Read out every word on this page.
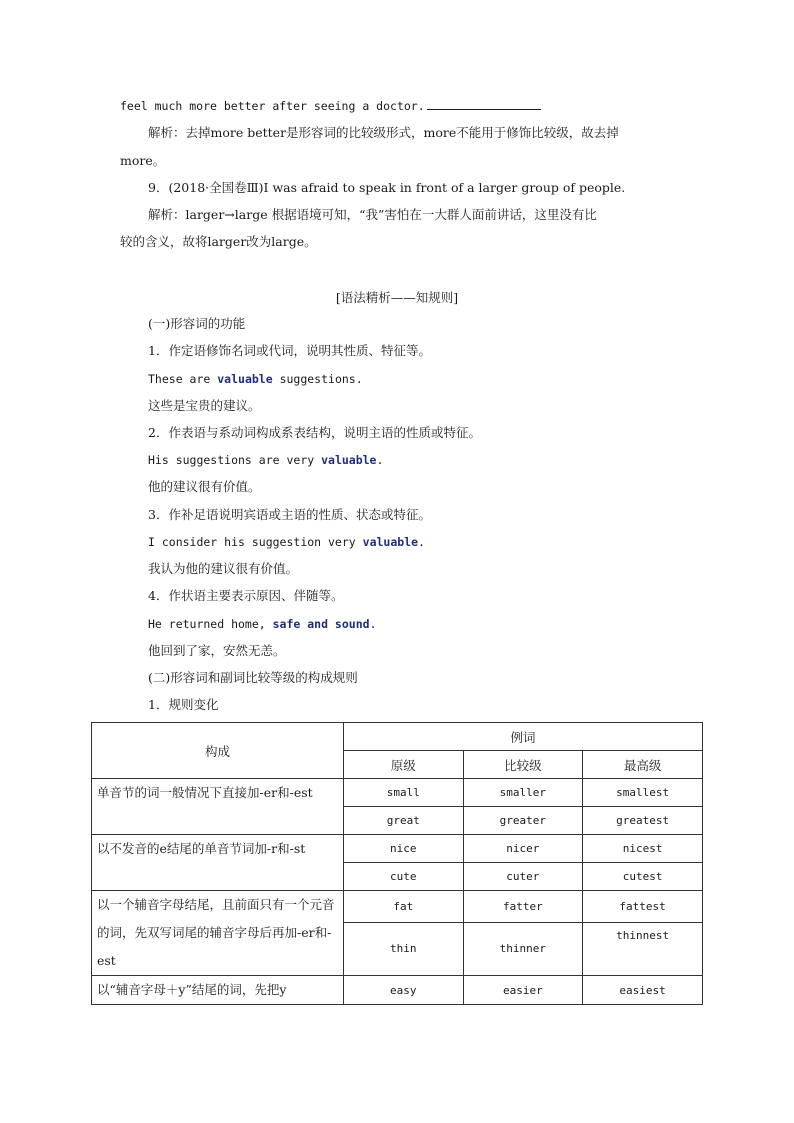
feel much more better after seeing a doctor.
解析：去掉more better是形容词的比较级形式，more不能用于修饰比较级，故去掉
more。
9．(2018·全国卷Ⅲ)I was afraid to speak in front of a larger group of people.
解析：larger→large 根据语境可知，“我”害怕在一大群人面前讲话，这里没有比
较的含义，故将larger改为large。
[语法精析——知规则]
(一)形容词的功能
1．作定语修饰名词或代词，说明其性质、特征等。
These are valuable suggestions.
这些是宝贵的建议。
2．作表语与系动词构成系表结构，说明主语的性质或特征。
His suggestions are very valuable.
他的建议很有价值。
3．作补足语说明宾语或主语的性质、状态或特征。
I consider his suggestion very valuable.
我认为他的建议很有价值。
4．作状语主要表示原因、伴随等。
He returned home, safe and sound.
他回到了家，安然无恙。
(二)形容词和副词比较等级的构成规则
1．规则变化
构成	例词		
	原级	比较级	最高级
单音节的词一般情况下直接加-er和-est	small	smaller	smallest
	great	greater	greatest
以不发音的e结尾的单音节词加-r和-st	nice	nicer	nicest
	cute	cuter	cutest
以一个辅音字母结尾，且前面只有一个元音的词，先双写词尾的辅音字母后再加-er和-est	fat	fatter	fattest
	thin	thinner	thinnest
以“辅音字母＋y”结尾的词，先把y	easy	easier	easiest
